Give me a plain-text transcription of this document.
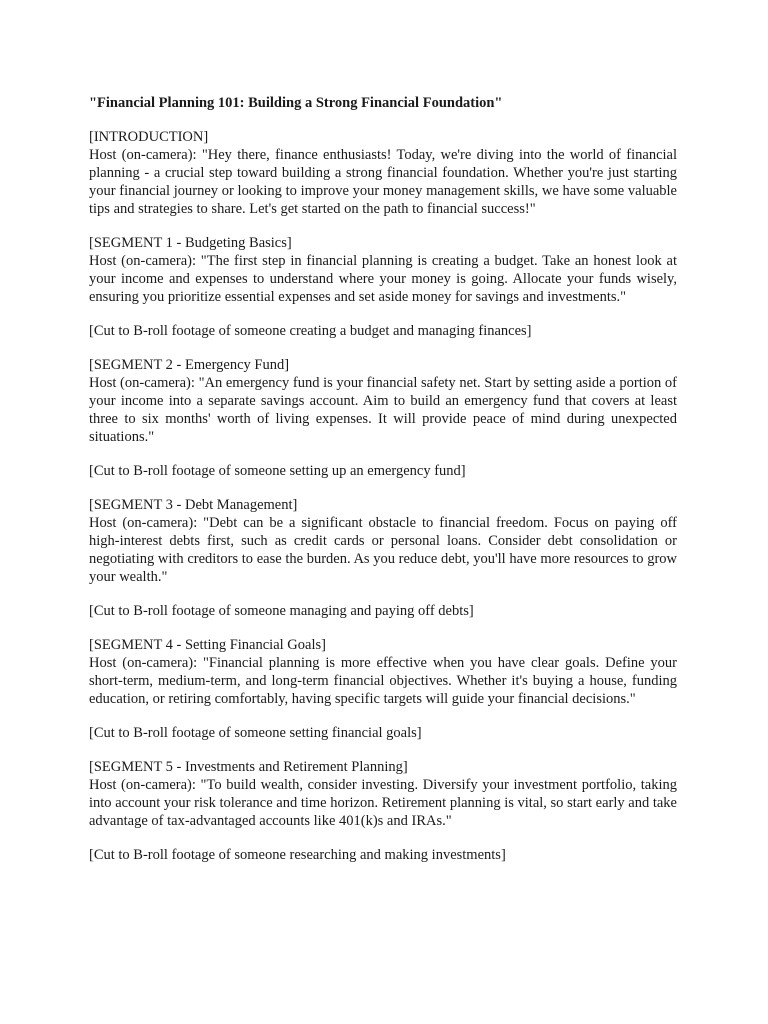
"Financial Planning 101: Building a Strong Financial Foundation"

[INTRODUCTION]

Host (on-camera): "Hey there, finance enthusiasts! Today, we're diving into the world of financial planning - a crucial step toward building a strong financial foundation. Whether you're just starting your financial journey or looking to improve your money management skills, we have some valuable tips and strategies to share. Let's get started on the path to financial success!"

[SEGMENT 1 - Budgeting Basics]

Host (on-camera): "The first step in financial planning is creating a budget. Take an honest look at your income and expenses to understand where your money is going. Allocate your funds wisely, ensuring you prioritize essential expenses and set aside money for savings and investments."

[Cut to B-roll footage of someone creating a budget and managing finances]

[SEGMENT 2 - Emergency Fund]

Host (on-camera): "An emergency fund is your financial safety net. Start by setting aside a portion of your income into a separate savings account. Aim to build an emergency fund that covers at least three to six months' worth of living expenses. It will provide peace of mind during unexpected situations."

[Cut to B-roll footage of someone setting up an emergency fund]

[SEGMENT 3 - Debt Management]

Host (on-camera): "Debt can be a significant obstacle to financial freedom. Focus on paying off high-interest debts first, such as credit cards or personal loans. Consider debt consolidation or negotiating with creditors to ease the burden. As you reduce debt, you'll have more resources to grow your wealth."

[Cut to B-roll footage of someone managing and paying off debts]

[SEGMENT 4 - Setting Financial Goals]

Host (on-camera): "Financial planning is more effective when you have clear goals. Define your short-term, medium-term, and long-term financial objectives. Whether it's buying a house, funding education, or retiring comfortably, having specific targets will guide your financial decisions."

[Cut to B-roll footage of someone setting financial goals]

[SEGMENT 5 - Investments and Retirement Planning]

Host (on-camera): "To build wealth, consider investing. Diversify your investment portfolio, taking into account your risk tolerance and time horizon. Retirement planning is vital, so start early and take advantage of tax-advantaged accounts like 401(k)s and IRAs."

[Cut to B-roll footage of someone researching and making investments]
